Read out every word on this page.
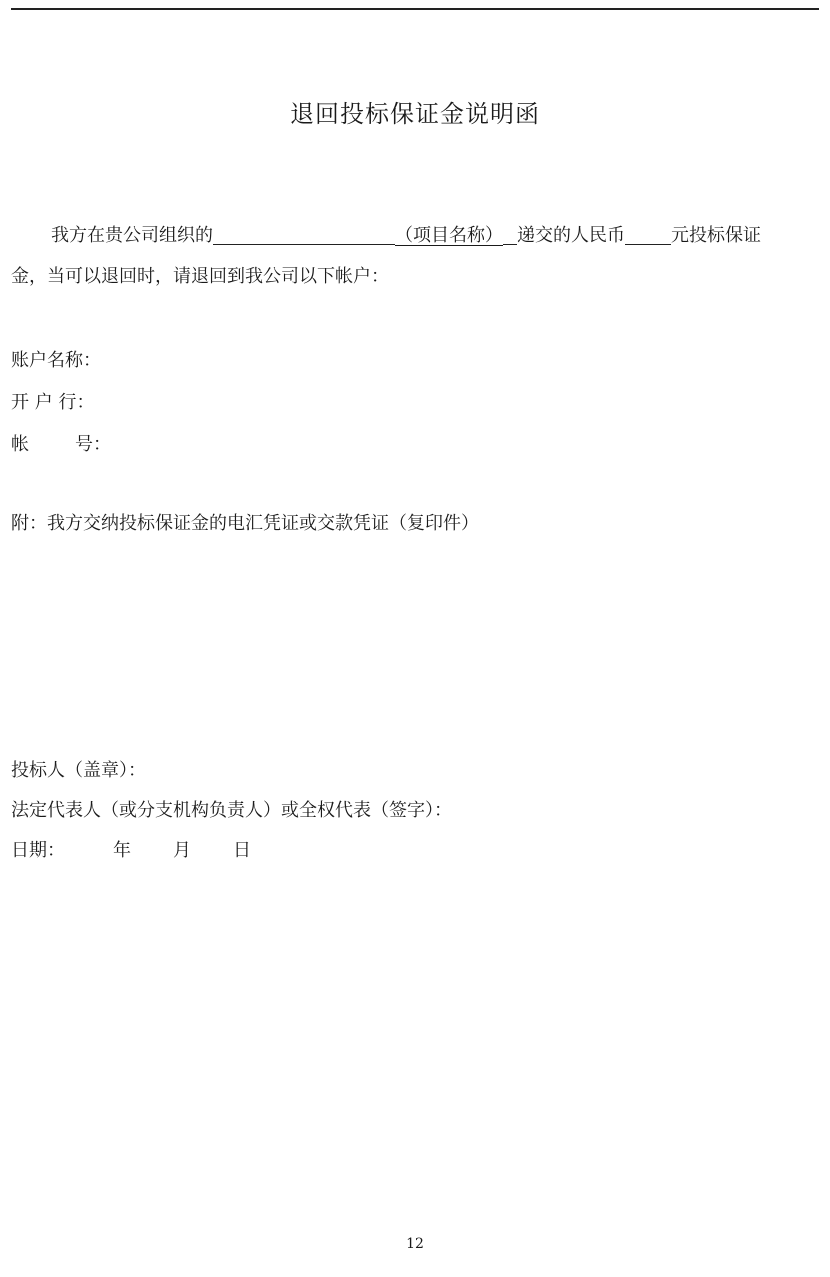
退回投标保证金说明函
我方在贵公司组织的	（项目名称） 递交的人民币	元投标保证
金，当可以退回时，请退回到我公司以下帐户：
账户名称：
开 户 行：
帐	号：
附：我方交纳投标保证金的电汇凭证或交款凭证（复印件）
投标人（盖章）：
法定代表人（或分支机构负责人）或全权代表（签字）：
日期：	年 月 日
12
